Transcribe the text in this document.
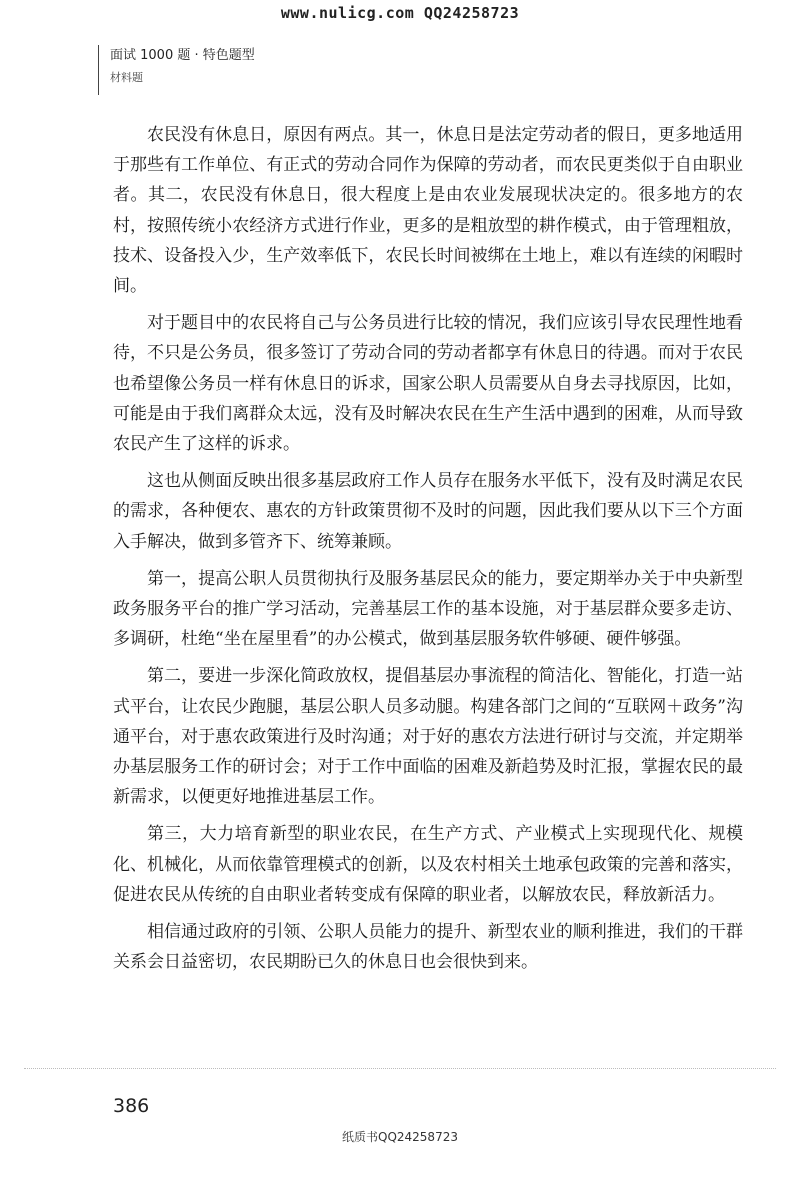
www.nulicg.com QQ24258723
面试 1000 题 · 特色题型
材料题

农民没有休息日，原因有两点。其一，休息日是法定劳动者的假日，更多地适用于那些有工作单位、有正式的劳动合同作为保障的劳动者，而农民更类似于自由职业者。其二，农民没有休息日，很大程度上是由农业发展现状决定的。很多地方的农村，按照传统小农经济方式进行作业，更多的是粗放型的耕作模式，由于管理粗放，技术、设备投入少，生产效率低下，农民长时间被绑在土地上，难以有连续的闲暇时间。

对于题目中的农民将自己与公务员进行比较的情况，我们应该引导农民理性地看待，不只是公务员，很多签订了劳动合同的劳动者都享有休息日的待遇。而对于农民也希望像公务员一样有休息日的诉求，国家公职人员需要从自身去寻找原因，比如，可能是由于我们离群众太远，没有及时解决农民在生产生活中遇到的困难，从而导致农民产生了这样的诉求。

这也从侧面反映出很多基层政府工作人员存在服务水平低下，没有及时满足农民的需求，各种便农、惠农的方针政策贯彻不及时的问题，因此我们要从以下三个方面入手解决，做到多管齐下、统筹兼顾。

第一，提高公职人员贯彻执行及服务基层民众的能力，要定期举办关于中央新型政务服务平台的推广学习活动，完善基层工作的基本设施，对于基层群众要多走访、多调研，杜绝“坐在屋里看”的办公模式，做到基层服务软件够硬、硬件够强。

第二，要进一步深化简政放权，提倡基层办事流程的简洁化、智能化，打造一站式平台，让农民少跑腿，基层公职人员多动腿。构建各部门之间的“互联网＋政务”沟通平台，对于惠农政策进行及时沟通；对于好的惠农方法进行研讨与交流，并定期举办基层服务工作的研讨会；对于工作中面临的困难及新趋势及时汇报，掌握农民的最新需求，以便更好地推进基层工作。

第三，大力培育新型的职业农民，在生产方式、产业模式上实现现代化、规模化、机械化，从而依靠管理模式的创新，以及农村相关土地承包政策的完善和落实，促进农民从传统的自由职业者转变成有保障的职业者，以解放农民，释放新活力。

相信通过政府的引领、公职人员能力的提升、新型农业的顺利推进，我们的干群关系会日益密切，农民期盼已久的休息日也会很快到来。

386
纸质书QQ24258723
